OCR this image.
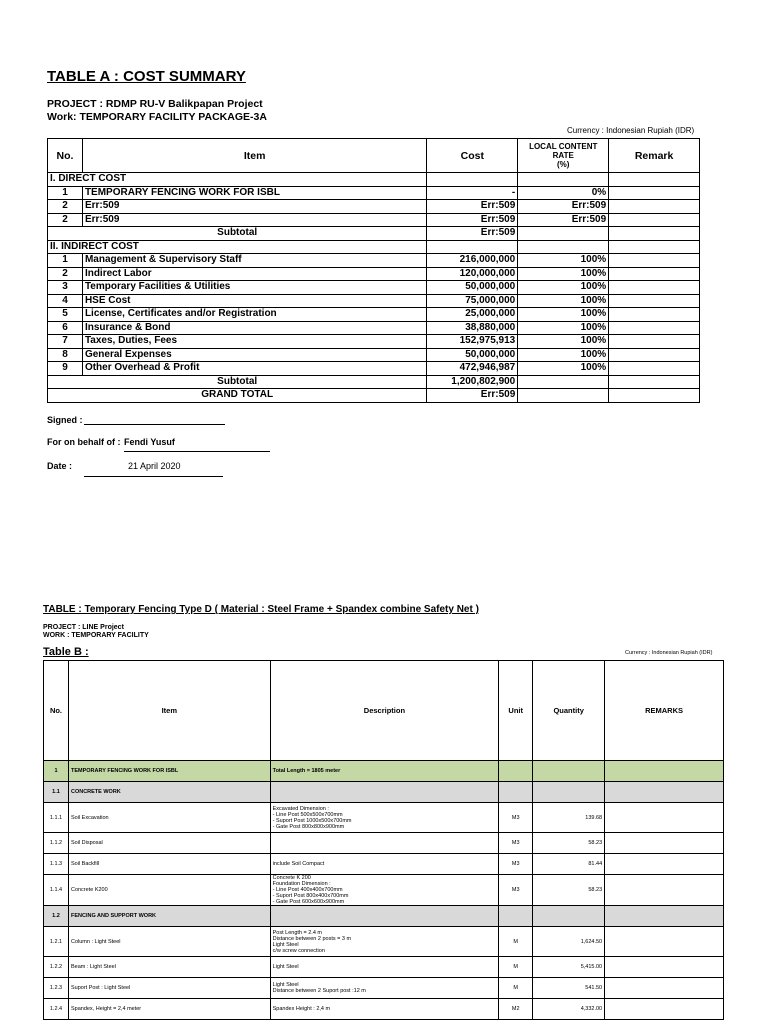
TABLE A : COST SUMMARY
PROJECT : RDMP RU-V Balikpapan Project
Work: TEMPORARY FACILITY PACKAGE-3A
Currency : Indonesian Rupiah (IDR)
No.	Item	Cost	LOCAL CONTENT
RATE
(%)	Remark
I. DIRECT COST				
1	TEMPORARY FENCING WORK FOR ISBL	-	0%	
2	Err:509	Err:509	Err:509	
2	Err:509	Err:509	Err:509	
Subtotal		Err:509		
II. INDIRECT COST				
1	Management & Supervisory Staff	216,000,000	100%	
2	Indirect Labor	120,000,000	100%	
3	Temporary Facilities & Utilities	50,000,000	100%	
4	HSE Cost	75,000,000	100%	
5	License, Certificates and/or Registration	25,000,000	100%	
6	Insurance & Bond	38,880,000	100%	
7	Taxes, Duties, Fees	152,975,913	100%	
8	General Expenses	50,000,000	100%	
9	Other Overhead & Profit	472,946,987	100%	
Subtotal		1,200,802,900		
GRAND TOTAL		Err:509		
Signed :
For on behalf of : Fendi Yusuf
Date :	21 April 2020
TABLE : Temporary Fencing Type D ( Material : Steel Frame + Spandex combine Safety Net )
PROJECT : LINE Project
WORK : TEMPORARY FACILITY
Table B :	Currency : Indonesian Rupiah (IDR)
No.	Item	Description	Unit	Quantity	REMARKS
1	TEMPORARY FENCING WORK FOR ISBL	Total Length = 1805 meter			
1.1	CONCRETE WORK				
1.1.1	Soil Excavation	Excavated Dimension :
- Line Post 500x500x700mm
- Suport Post 1000x500x700mm
- Gate Post 800x800x900mm	M3	139.68	
1.1.2	Soil Disposal		M3	58.23	
1.1.3	Soil Backfill	include Soil Compact	M3	81.44	
1.1.4	Concrete K200	Concrete K 200
Foundation Dimension :
- Line Post 400x400x700mm
- Suport Post 800x400x700mm
- Gate Post 600x600x900mm	M3	58.23	
1.2	FENCING AND SUPPORT WORK				
1.2.1	Column : Light Steel	Post Length = 2.4 m
Distance between 2 posts = 3 m
Light Steel
c/w screw connection	M	1,624.50	
1.2.2	Beam : Light Steel	Light Steel	M	5,415.00	
1.2.3	Suport Post : Light Steel	Light Steel
Distance between 2 Suport post :12 m	M	541.50	
1.2.4	Spandex, Height = 2,4 meter	Spandex Height : 2,4 m	M2	4,332.00	
